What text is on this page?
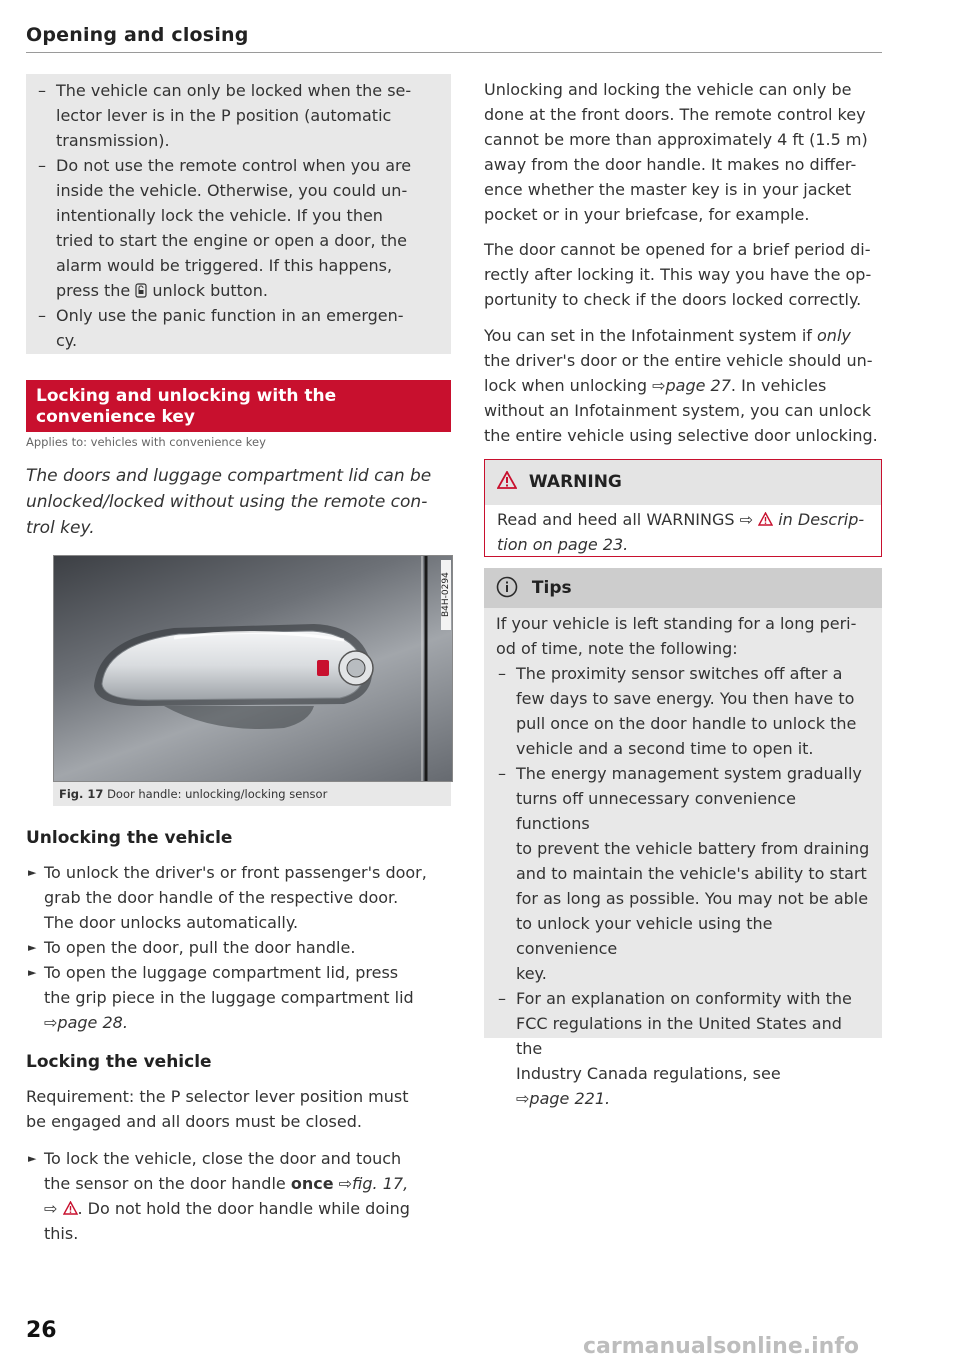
Opening and closing
– The vehicle can only be locked when the se-
lector lever is in the P position (automatic
transmission).
– Do not use the remote control when you are
inside the vehicle. Otherwise, you could un-
intentionally lock the vehicle. If you then
tried to start the engine or open a door, the
alarm would be triggered. If this happens,
press the  unlock button.
– Only use the panic function in an emergen-
cy.
Locking and unlocking with the
convenience key
Applies to: vehicles with convenience key
The doors and luggage compartment lid can be
unlocked/locked without using the remote con-
trol key.
B4H-0294
Fig. 17 Door handle: unlocking/locking sensor
Unlocking the vehicle
► To unlock the driver's or front passenger's door,
grab the door handle of the respective door.
The door unlocks automatically.
► To open the door, pull the door handle.
► To open the luggage compartment lid, press
the grip piece in the luggage compartment lid
⇨page 28.
Locking the vehicle
Requirement: the P selector lever position must
be engaged and all doors must be closed.
► To lock the vehicle, close the door and touch
the sensor on the door handle once ⇨fig. 17,
⇨ . Do not hold the door handle while doing
this.
Unlocking and locking the vehicle can only be
done at the front doors. The remote control key
cannot be more than approximately 4 ft (1.5 m)
away from the door handle. It makes no differ-
ence whether the master key is in your jacket
pocket or in your briefcase, for example.
The door cannot be opened for a brief period di-
rectly after locking it. This way you have the op-
portunity to check if the doors locked correctly.
You can set in the Infotainment system if only
the driver's door or the entire vehicle should un-
lock when unlocking ⇨page 27. In vehicles
without an Infotainment system, you can unlock
the entire vehicle using selective door unlocking.
WARNING
Read and heed all WARNINGS ⇨  in Descrip-
tion on page 23.
Tips
If your vehicle is left standing for a long peri-
od of time, note the following:
– The proximity sensor switches off after a
few days to save energy. You then have to
pull once on the door handle to unlock the
vehicle and a second time to open it.
– The energy management system gradually
turns off unnecessary convenience functions
to prevent the vehicle battery from draining
and to maintain the vehicle's ability to start
for as long as possible. You may not be able
to unlock your vehicle using the convenience
key.
– For an explanation on conformity with the
FCC regulations in the United States and the
Industry Canada regulations, see
⇨page 221.
26
carmanualsonline.info
